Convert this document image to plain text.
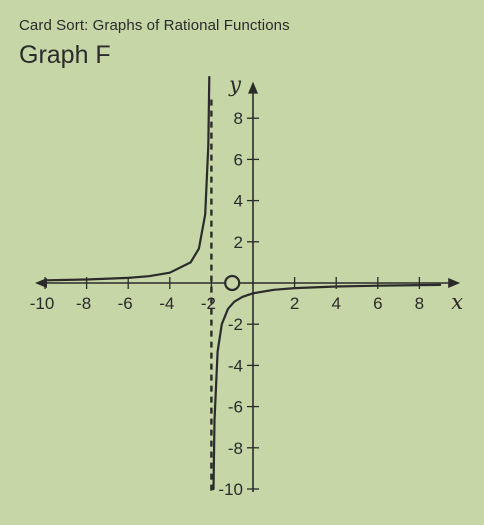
Card Sort: Graphs of Rational Functions
Graph F
-10 -8 -6 -4 -2	2 4 6 8
8
6
4
2
-2
-4
-6
-8
-10
x
y
